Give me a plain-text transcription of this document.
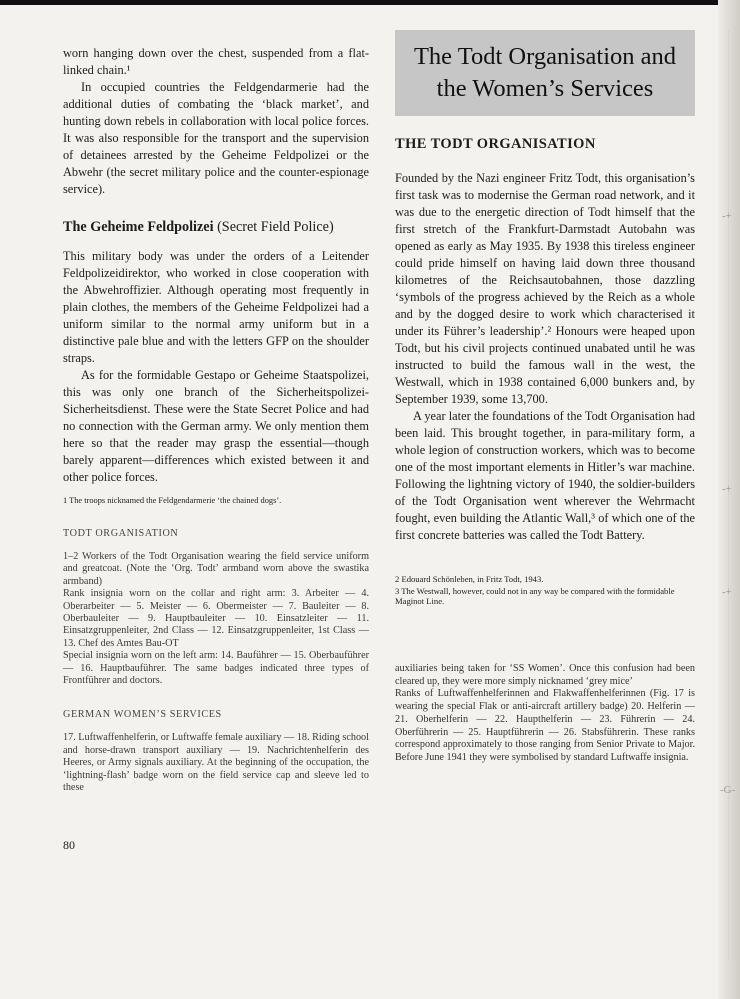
-+
-+
-+
-G-

worn hanging down over the chest, suspended from a flat-linked chain.¹

In occupied countries the Feldgendarmerie had the additional duties of combating the ‘black market’, and hunting down rebels in collaboration with local police forces. It was also responsible for the transport and the supervision of detainees arrested by the Geheime Feldpolizei or the Abwehr (the secret military police and the counter-espionage service).

The Geheime Feldpolizei (Secret Field Police)

This military body was under the orders of a Leitender Feldpolizeidirektor, who worked in close cooperation with the Abwehroffizier. Although operating most frequently in plain clothes, the members of the Geheime Feldpolizei had a uniform similar to the normal army uniform but in a distinctive pale blue and with the letters GFP on the shoulder straps.

As for the formidable Gestapo or Geheime Staatspolizei, this was only one branch of the Sicherheitspolizei-Sicherheitsdienst. These were the State Secret Police and had no connection with the German army. We only mention them here so that the reader may grasp the essential—though barely apparent—differences which existed between it and other police forces.

1 The troops nicknamed the Feldgendarmerie ‘the chained dogs’.
TODT ORGANISATION

1–2 Workers of the Todt Organisation wearing the field service uniform and greatcoat. (Note the ‘Org. Todt’ armband worn above the swastika armband)

Rank insignia worn on the collar and right arm: 3. Arbeiter — 4. Oberarbeiter — 5. Meister — 6. Obermeister — 7. Bauleiter — 8. Oberbauleiter — 9. Hauptbauleiter — 10. Einsatzleiter — 11. Einsatzgruppenleiter, 2nd Class — 12. Einsatzgruppenleiter, 1st Class — 13. Chef des Amtes Bau-OT

Special insignia worn on the left arm: 14. Bauführer — 15. Oberbauführer — 16. Hauptbauführer. The same badges indicated three types of Frontführer and doctors.

GERMAN WOMEN’S SERVICES

17. Luftwaffenhelferin, or Luftwaffe female auxiliary — 18. Riding school and horse-drawn transport auxiliary — 19. Nachrichtenhelferin des Heeres, or Army signals auxiliary. At the beginning of the occupation, the ‘lightning-flash’ badge worn on the field service cap and sleeve led to these

80
The Todt Organisation and
the Women’s Services
THE TODT ORGANISATION

Founded by the Nazi engineer Fritz Todt, this organisation’s first task was to modernise the German road network, and it was due to the energetic direction of Todt himself that the first stretch of the Frankfurt-Darmstadt Autobahn was opened as early as May 1935. By 1938 this tireless engineer could pride himself on having laid down three thousand kilometres of the Reichsautobahnen, those dazzling ‘symbols of the progress achieved by the Reich as a whole and by the dogged desire to work which characterised it under its Führer’s leadership’.² Honours were heaped upon Todt, but his civil projects continued unabated until he was instructed to build the famous wall in the west, the Westwall, which in 1938 contained 6,000 bunkers and, by September 1939, some 13,700.

A year later the foundations of the Todt Organisation had been laid. This brought together, in para-military form, a whole legion of construction workers, which was to become one of the most important elements in Hitler’s war machine. Following the lightning victory of 1940, the soldier-builders of the Todt Organisation went wherever the Wehrmacht fought, even building the Atlantic Wall,³ of which one of the first concrete batteries was called the Todt Battery.

2 Edouard Schönleben, in Fritz Todt, 1943.
3 The Westwall, however, could not in any way be compared with the formidable Maginot Line.

auxiliaries being taken for ‘SS Women’. Once this confusion had been cleared up, they were more simply nicknamed ‘grey mice’

Ranks of Luftwaffenhelferinnen and Flakwaffenhelferinnen (Fig. 17 is wearing the special Flak or anti-aircraft artillery badge) 20. Helferin — 21. Oberhelferin — 22. Haupthelferin — 23. Führerin — 24. Oberführerin — 25. Hauptführerin — 26. Stabsführerin. These ranks correspond approximately to those ranging from Senior Private to Major. Before June 1941 they were symbolised by standard Luftwaffe insignia.
